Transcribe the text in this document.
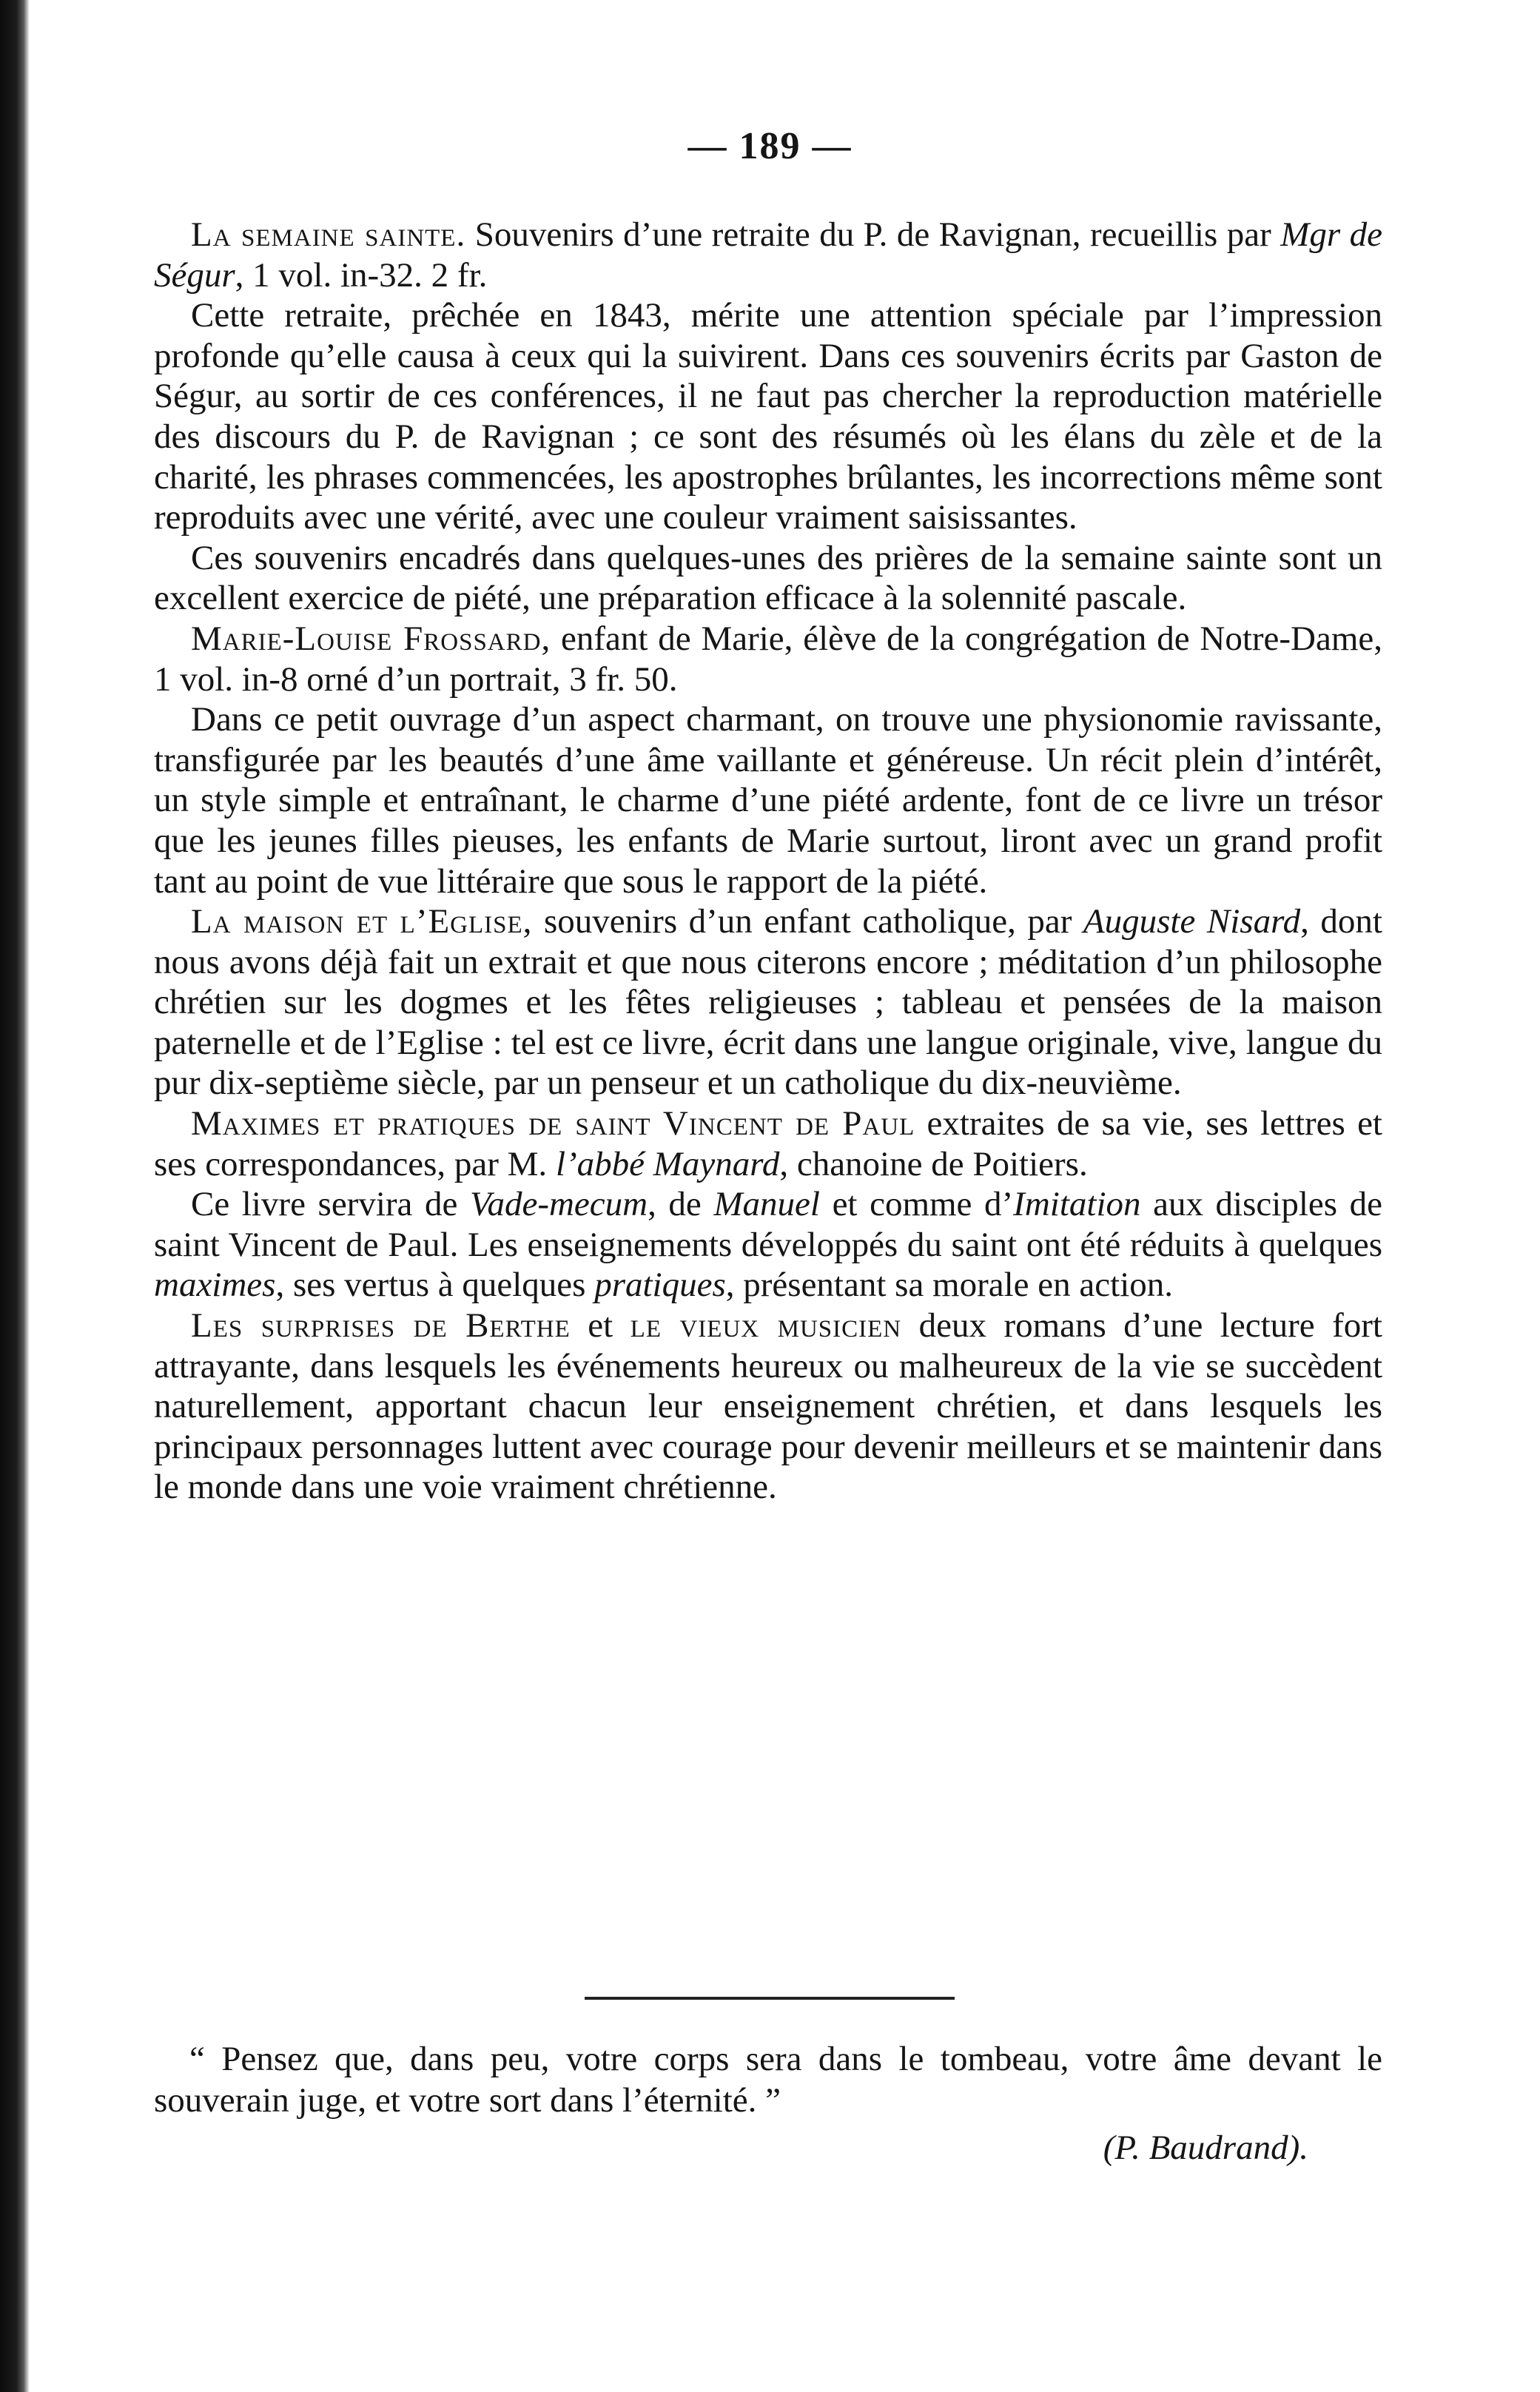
— 189 —

La semaine sainte. Souvenirs d’une retraite du P. de Ravignan, recueillis par Mgr de Ségur, 1 vol. in-32. 2 fr.

Cette retraite, prêchée en 1843, mérite une attention spéciale par l’impression profonde qu’elle causa à ceux qui la suivirent. Dans ces souvenirs écrits par Gaston de Ségur, au sortir de ces conférences, il ne faut pas chercher la reproduction matérielle des discours du P. de Ravignan ; ce sont des résumés où les élans du zèle et de la charité, les phrases commencées, les apostrophes brûlantes, les incorrections même sont reproduits avec une vérité, avec une couleur vraiment saisissantes.

Ces souvenirs encadrés dans quelques-unes des prières de la semaine sainte sont un excellent exercice de piété, une préparation efficace à la solennité pascale.

Marie-Louise Frossard, enfant de Marie, élève de la congrégation de Notre-Dame, 1 vol. in-8 orné d’un portrait, 3 fr. 50.

Dans ce petit ouvrage d’un aspect charmant, on trouve une physionomie ravissante, transfigurée par les beautés d’une âme vaillante et généreuse. Un récit plein d’intérêt, un style simple et entraînant, le charme d’une piété ardente, font de ce livre un trésor que les jeunes filles pieuses, les enfants de Marie surtout, liront avec un grand profit tant au point de vue littéraire que sous le rapport de la piété.

La maison et l’Eglise, souvenirs d’un enfant catholique, par Auguste Nisard, dont nous avons déjà fait un extrait et que nous citerons encore ; méditation d’un philosophe chrétien sur les dogmes et les fêtes religieuses ; tableau et pensées de la maison paternelle et de l’Eglise : tel est ce livre, écrit dans une langue originale, vive, langue du pur dix-septième siècle, par un penseur et un catholique du dix-neuvième.

Maximes et pratiques de saint Vincent de Paul extraites de sa vie, ses lettres et ses correspondances, par M. l’abbé Maynard, chanoine de Poitiers.

Ce livre servira de Vade-mecum, de Manuel et comme d’Imitation aux disciples de saint Vincent de Paul. Les enseignements développés du saint ont été réduits à quelques maximes, ses vertus à quelques pratiques, présentant sa morale en action.

Les surprises de Berthe et le vieux musicien deux romans d’une lecture fort attrayante, dans lesquels les événements heureux ou malheureux de la vie se succèdent naturellement, apportant chacun leur enseignement chrétien, et dans lesquels les principaux personnages luttent avec courage pour devenir meilleurs et se maintenir dans le monde dans une voie vraiment chrétienne.

“ Pensez que, dans peu, votre corps sera dans le tombeau, votre âme devant le souverain juge, et votre sort dans l’éternité. ”

(P. Baudrand).
